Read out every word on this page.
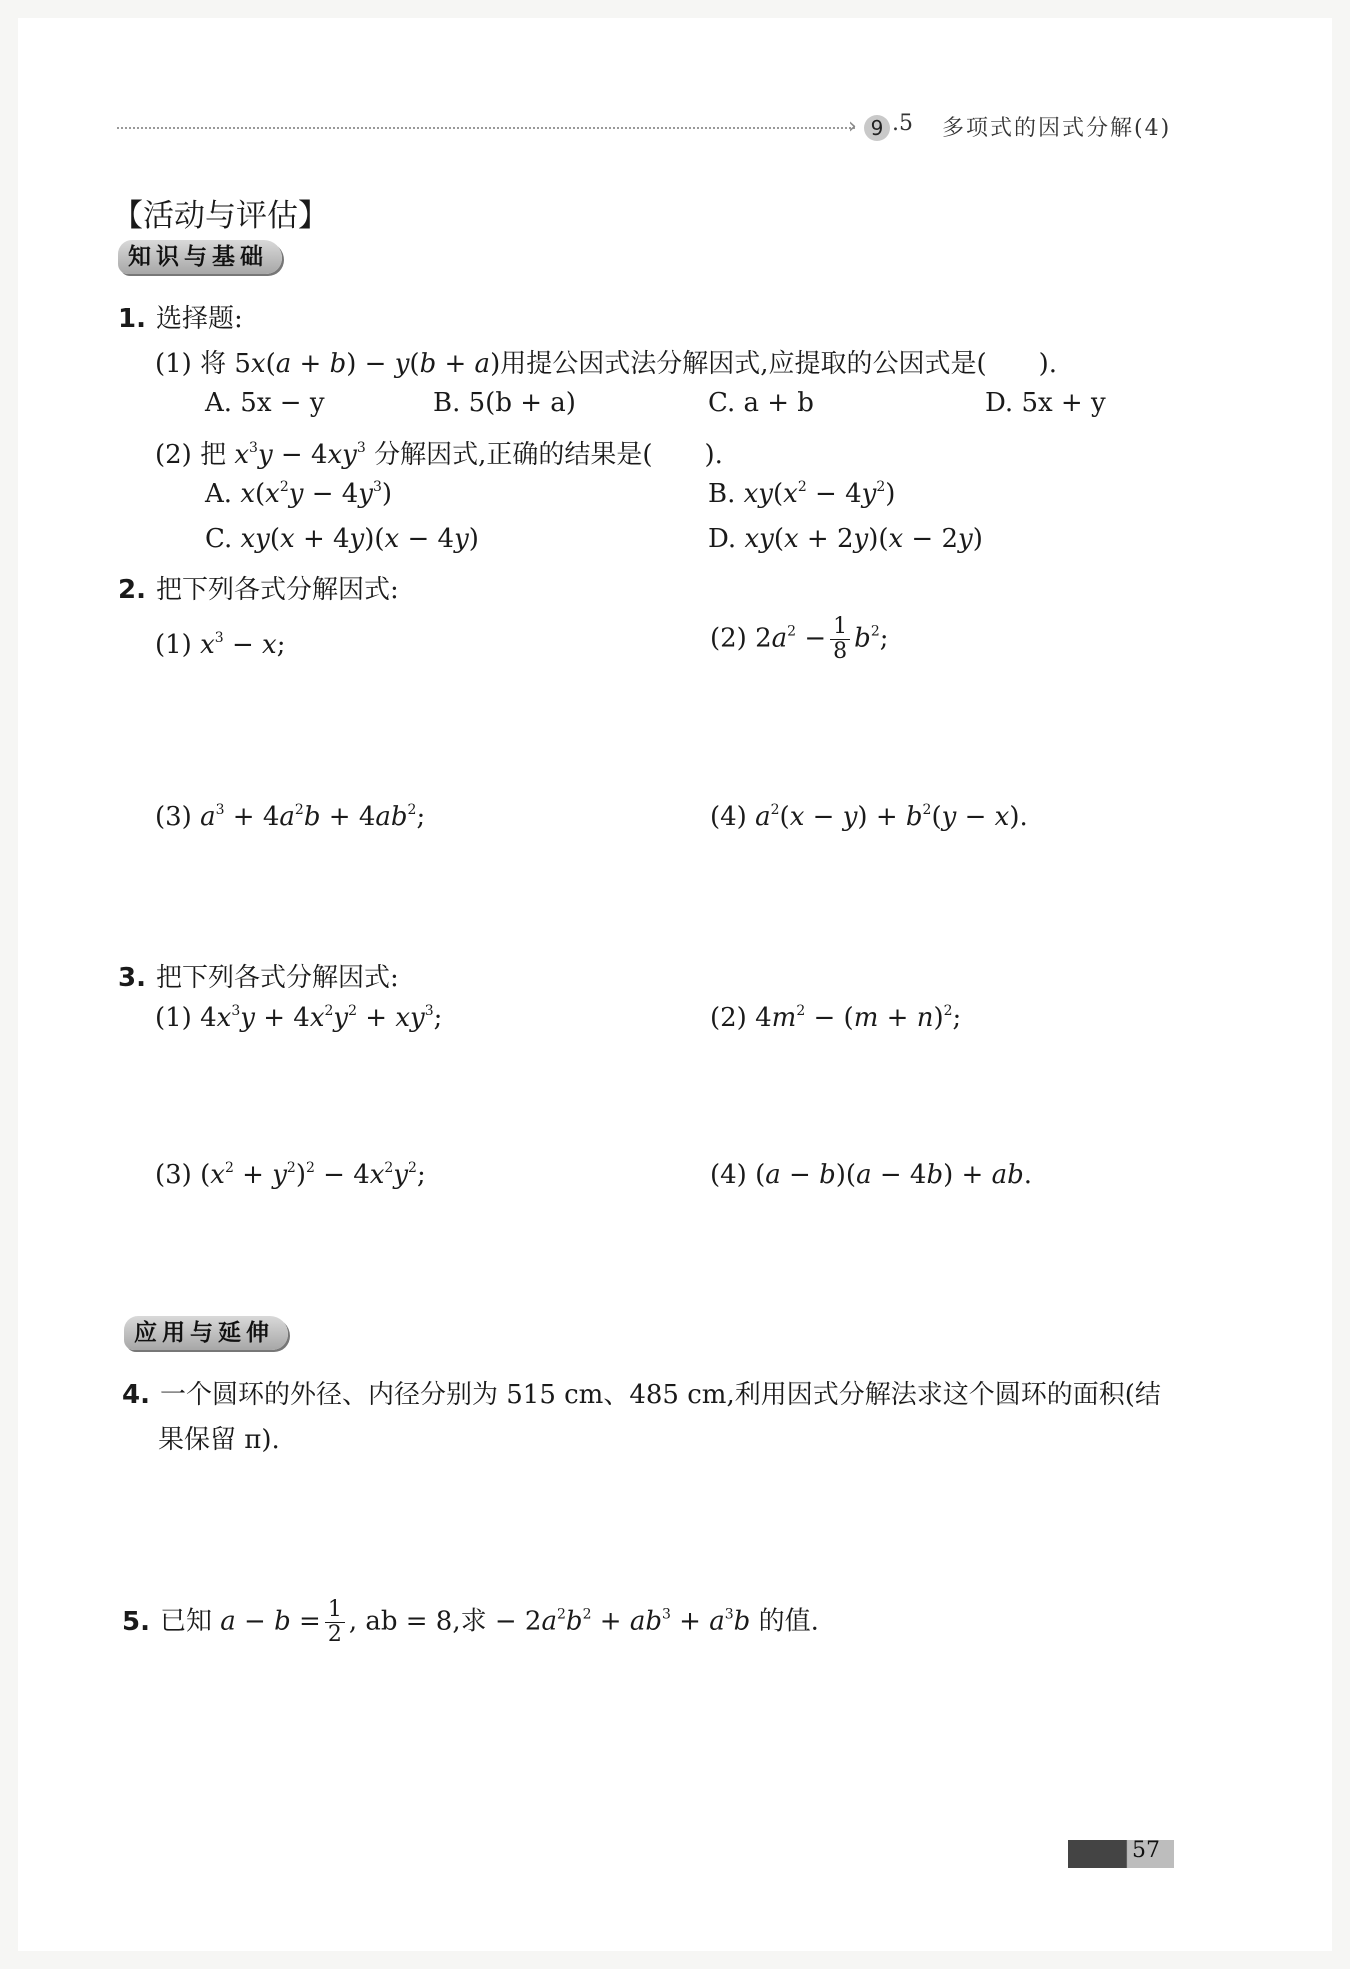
› 9 .5 多项式的因式分解(4)
【活动与评估】
知识与基础
1. 选择题:
(1) 将 5x(a + b) − y(b + a)用提公因式法分解因式,应提取的公因式是(　　).
A. 5x − y	B. 5(b + a)	C. a + b	D. 5x + y
(2) 把 $x^3y - 4xy^3$ 分解因式,正确的结果是(　　).
A. $x(x^2y - 4y^3)$	B. $xy(x^2 - 4y^2)$
C. xy(x + 4y)(x − 4y)	D. xy(x + 2y)(x − 2y)
2. 把下列各式分解因式:
(1) $x^3 - x$;	(2) $2a^2 - \frac{1}{8} b^2$;
(3) $a^3 + 4a^2b + 4ab^2$;	(4) $a^2(x - y) + b^2(y - x)$.
3. 把下列各式分解因式:
(1) $4x^3y + 4x^2y^2 + xy^3$;	(2) $4m^2 - (m + n)^2$;
(3) $(x^2 + y^2)^2 - 4x^2y^2$;	(4) (a − b)(a − 4b) + ab.
应用与延伸
4. 一个圆环的外径、内径分别为 515 cm、485 cm,利用因式分解法求这个圆环的面积(结
果保留 π).
5. 已知 $a - b = \frac{1}{2}$ , ab = 8,求 − $2a^2b^2 + ab^3 + a^3b$ 的值.
57
